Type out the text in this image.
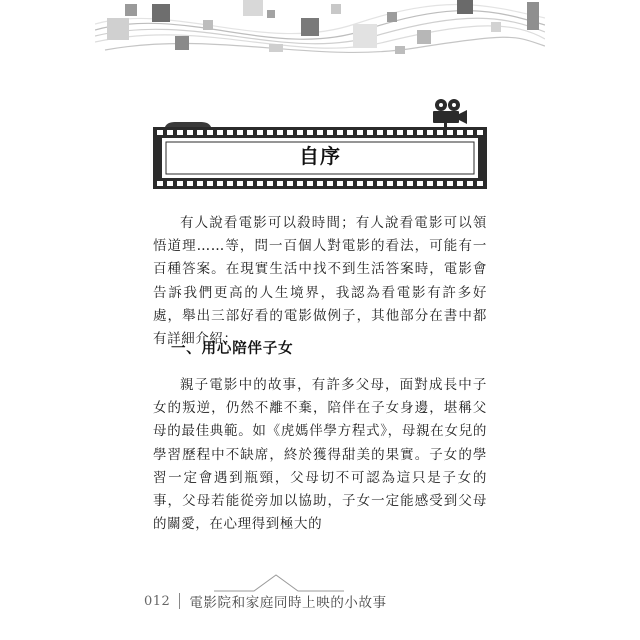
自序

有人說看電影可以殺時間；有人說看電影可以領悟道理……等，問一百個人對電影的看法，可能有一百種答案。在現實生活中找不到生活答案時，電影會告訴我們更高的人生境界，我認為看電影有許多好處，舉出三部好看的電影做例子，其他部分在書中都有詳細介紹：

一、用心陪伴子女

親子電影中的故事，有許多父母，面對成長中子女的叛逆，仍然不離不棄，陪伴在子女身邊，堪稱父母的最佳典範。如《虎媽伴學方程式》，母親在女兒的學習歷程中不缺席，終於獲得甜美的果實。子女的學習一定會遇到瓶頸，父母切不可認為這只是子女的事，父母若能從旁加以協助，子女一定能感受到父母的關愛，在心理得到極大的

012 電影院和家庭同時上映的小故事
